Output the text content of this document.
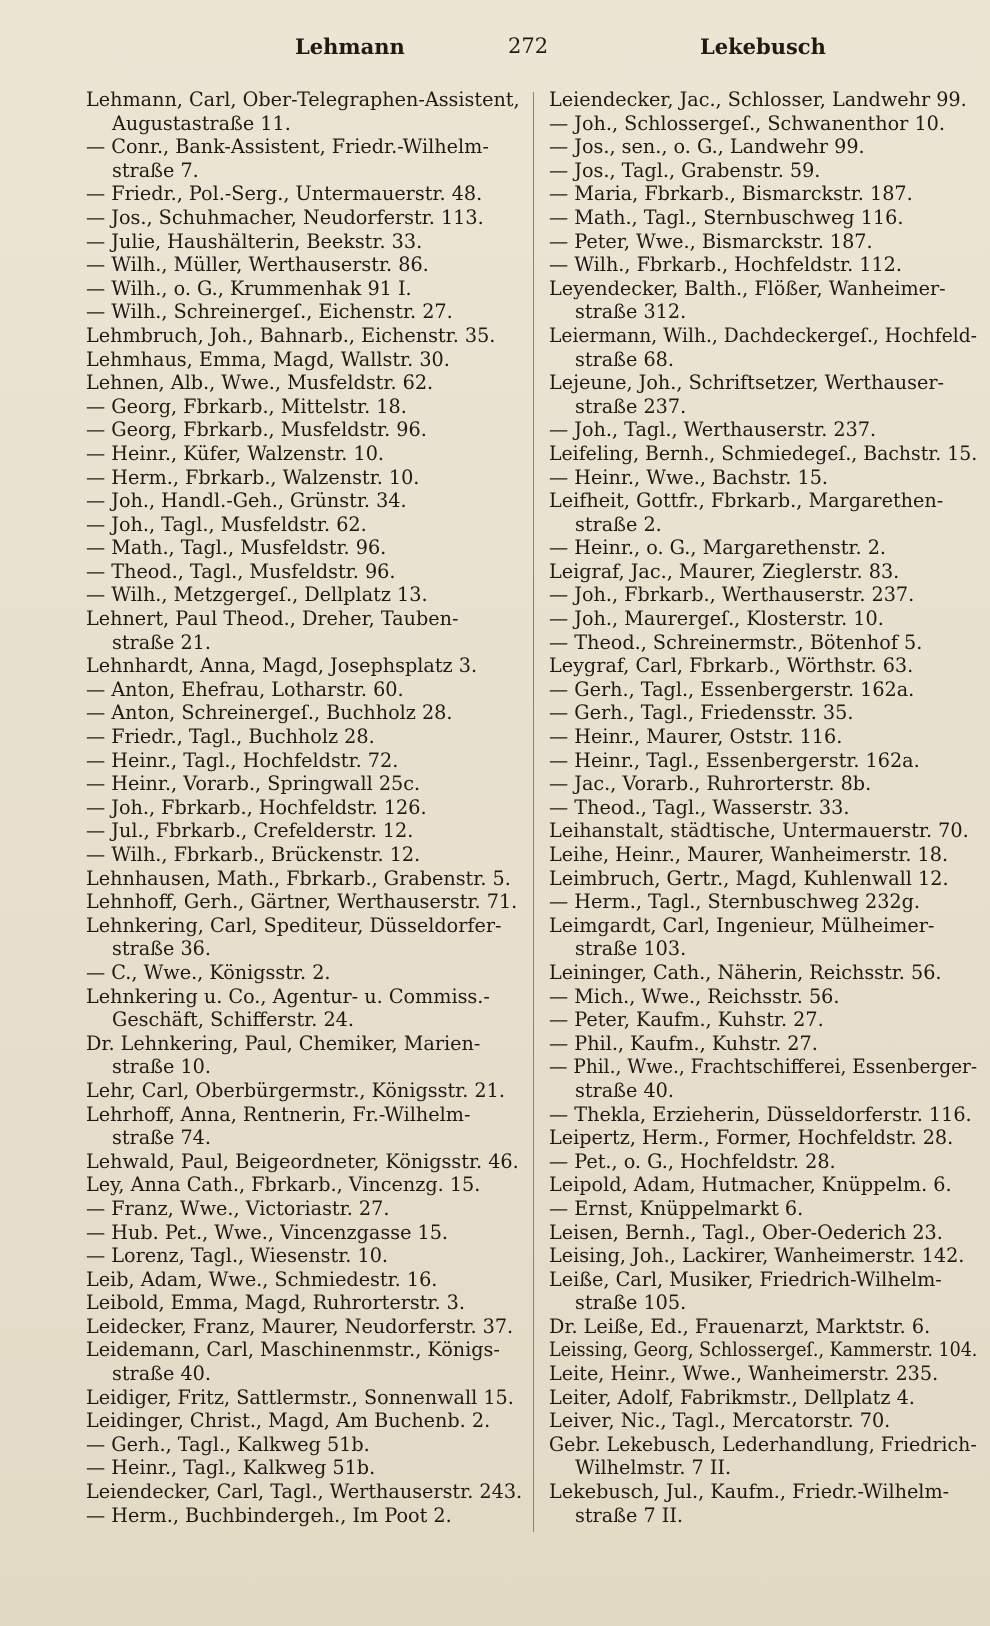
Lehmann	272	Lekebusch
Lehmann, Carl, Ober-Telegraphen-Assistent,
Augustastraße 11.
— Conr., Bank-Assistent, Friedr.-Wilhelm-
straße 7.
— Friedr., Pol.-Serg., Untermauerstr. 48.
— Jos., Schuhmacher, Neudorferstr. 113.
— Julie, Haushälterin, Beekstr. 33.
— Wilh., Müller, Werthauserstr. 86.
— Wilh., o. G., Krummenhak 91 I.
— Wilh., Schreinergeſ., Eichenstr. 27.
Lehmbruch, Joh., Bahnarb., Eichenstr. 35.
Lehmhaus, Emma, Magd, Wallstr. 30.
Lehnen, Alb., Wwe., Musfeldstr. 62.
— Georg, Fbrkarb., Mittelstr. 18.
— Georg, Fbrkarb., Musfeldstr. 96.
— Heinr., Küfer, Walzenstr. 10.
— Herm., Fbrkarb., Walzenstr. 10.
— Joh., Handl.-Geh., Grünstr. 34.
— Joh., Tagl., Musfeldstr. 62.
— Math., Tagl., Musfeldstr. 96.
— Theod., Tagl., Musfeldstr. 96.
— Wilh., Metzgergeſ., Dellplatz 13.
Lehnert, Paul Theod., Dreher, Tauben-
straße 21.
Lehnhardt, Anna, Magd, Josephsplatz 3.
— Anton, Ehefrau, Lotharstr. 60.
— Anton, Schreinergeſ., Buchholz 28.
— Friedr., Tagl., Buchholz 28.
— Heinr., Tagl., Hochfeldstr. 72.
— Heinr., Vorarb., Springwall 25c.
— Joh., Fbrkarb., Hochfeldstr. 126.
— Jul., Fbrkarb., Crefelderstr. 12.
— Wilh., Fbrkarb., Brückenstr. 12.
Lehnhausen, Math., Fbrkarb., Grabenstr. 5.
Lehnhoff, Gerh., Gärtner, Werthauserstr. 71.
Lehnkering, Carl, Spediteur, Düsseldorfer-
straße 36.
— C., Wwe., Königsstr. 2.
Lehnkering u. Co., Agentur- u. Commiss.-
Geschäft, Schifferstr. 24.
Dr. Lehnkering, Paul, Chemiker, Marien-
straße 10.
Lehr, Carl, Oberbürgermstr., Königsstr. 21.
Lehrhoff, Anna, Rentnerin, Fr.-Wilhelm-
straße 74.
Lehwald, Paul, Beigeordneter, Königsstr. 46.
Ley, Anna Cath., Fbrkarb., Vincenzg. 15.
— Franz, Wwe., Victoriastr. 27.
— Hub. Pet., Wwe., Vincenzgasse 15.
— Lorenz, Tagl., Wiesenstr. 10.
Leib, Adam, Wwe., Schmiedestr. 16.
Leibold, Emma, Magd, Ruhrorterstr. 3.
Leidecker, Franz, Maurer, Neudorferstr. 37.
Leidemann, Carl, Maschinenmstr., Königs-
straße 40.
Leidiger, Fritz, Sattlermstr., Sonnenwall 15.
Leidinger, Christ., Magd, Am Buchenb. 2.
— Gerh., Tagl., Kalkweg 51b.
— Heinr., Tagl., Kalkweg 51b.
Leiendecker, Carl, Tagl., Werthauserstr. 243.
— Herm., Buchbindergeh., Im Poot 2.
Leiendecker, Jac., Schlosser, Landwehr 99.
— Joh., Schlossergeſ., Schwanenthor 10.
— Jos., sen., o. G., Landwehr 99.
— Jos., Tagl., Grabenstr. 59.
— Maria, Fbrkarb., Bismarckstr. 187.
— Math., Tagl., Sternbuschweg 116.
— Peter, Wwe., Bismarckstr. 187.
— Wilh., Fbrkarb., Hochfeldstr. 112.
Leyendecker, Balth., Flößer, Wanheimer-
straße 312.
Leiermann, Wilh., Dachdeckergeſ., Hochfeld-
straße 68.
Lejeune, Joh., Schriftsetzer, Werthauser-
straße 237.
— Joh., Tagl., Werthauserstr. 237.
Leifeling, Bernh., Schmiedegeſ., Bachstr. 15.
— Heinr., Wwe., Bachstr. 15.
Leifheit, Gottfr., Fbrkarb., Margarethen-
straße 2.
— Heinr., o. G., Margarethenstr. 2.
Leigraf, Jac., Maurer, Zieglerstr. 83.
— Joh., Fbrkarb., Werthauserstr. 237.
— Joh., Maurergeſ., Klosterstr. 10.
— Theod., Schreinermstr., Bötenhof 5.
Leygraf, Carl, Fbrkarb., Wörthstr. 63.
— Gerh., Tagl., Essenbergerstr. 162a.
— Gerh., Tagl., Friedensstr. 35.
— Heinr., Maurer, Oststr. 116.
— Heinr., Tagl., Essenbergerstr. 162a.
— Jac., Vorarb., Ruhrorterstr. 8b.
— Theod., Tagl., Wasserstr. 33.
Leihanstalt, städtische, Untermauerstr. 70.
Leihe, Heinr., Maurer, Wanheimerstr. 18.
Leimbruch, Gertr., Magd, Kuhlenwall 12.
— Herm., Tagl., Sternbuschweg 232g.
Leimgardt, Carl, Ingenieur, Mülheimer-
straße 103.
Leininger, Cath., Näherin, Reichsstr. 56.
— Mich., Wwe., Reichsstr. 56.
— Peter, Kaufm., Kuhstr. 27.
— Phil., Kaufm., Kuhstr. 27.
— Phil., Wwe., Frachtschifferei, Essenberger-
straße 40.
— Thekla, Erzieherin, Düsseldorferstr. 116.
Leipertz, Herm., Former, Hochfeldstr. 28.
— Pet., o. G., Hochfeldstr. 28.
Leipold, Adam, Hutmacher, Knüppelm. 6.
— Ernst, Knüppelmarkt 6.
Leisen, Bernh., Tagl., Ober-Oederich 23.
Leising, Joh., Lackirer, Wanheimerstr. 142.
Leiße, Carl, Musiker, Friedrich-Wilhelm-
straße 105.
Dr. Leiße, Ed., Frauenarzt, Marktstr. 6.
Leissing, Georg, Schlossergeſ., Kammerstr. 104.
Leite, Heinr., Wwe., Wanheimerstr. 235.
Leiter, Adolf, Fabrikmstr., Dellplatz 4.
Leiver, Nic., Tagl., Mercatorstr. 70.
Gebr. Lekebusch, Lederhandlung, Friedrich-
Wilhelmstr. 7 II.
Lekebusch, Jul., Kaufm., Friedr.-Wilhelm-
straße 7 II.
